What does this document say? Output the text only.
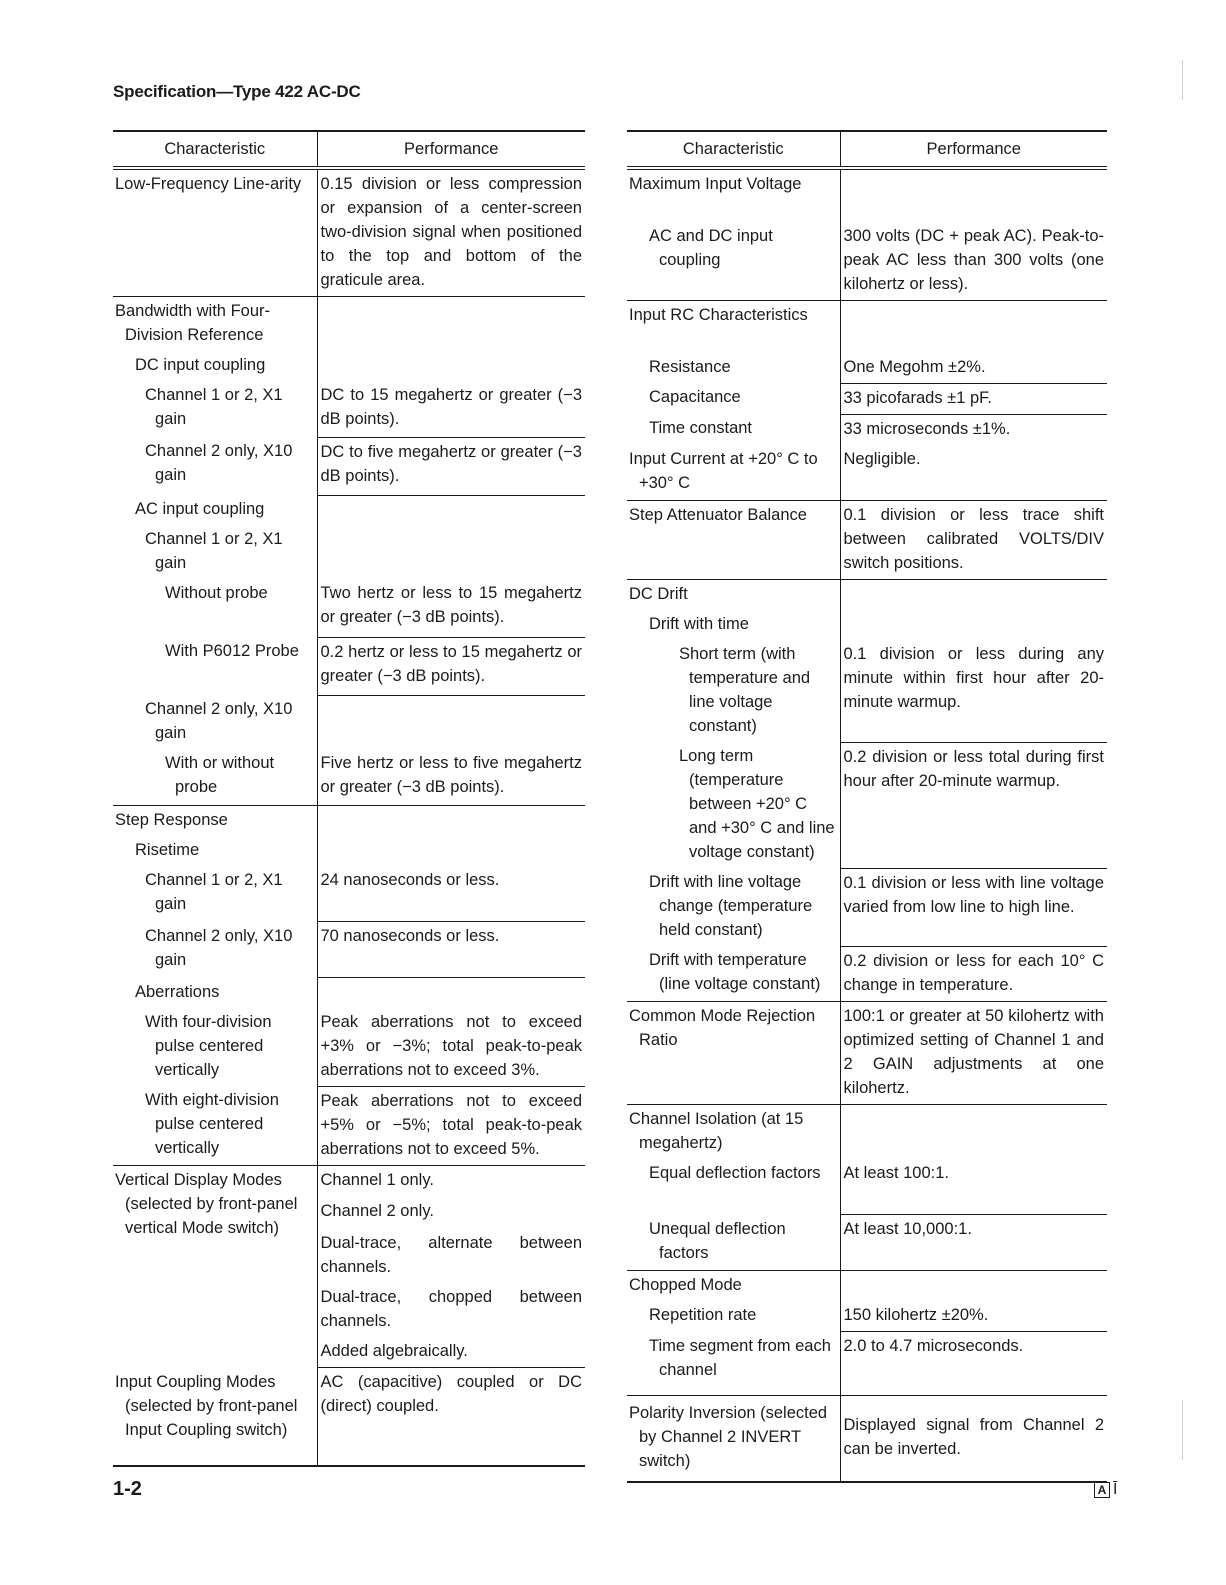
Specification—Type 422 AC-DC
Characteristic	Performance

Low-Frequency Line-arity	0.15 division or less compression or expansion of a center-screen two-division signal when positioned to the top and bottom of the graticule area.

Bandwidth with Four-Division Reference	

DC input coupling	

Channel 1 or 2, X1 gain	DC to 15 megahertz or greater (−3 dB points).

Channel 2 only, X10 gain	DC to five megahertz or greater (−3 dB points).
AC input coupling	

Channel 1 or 2, X1 gain	

Without probe	Two hertz or less to 15 megahertz or greater (−3 dB points).
With P6012 Probe	0.2 hertz or less to 15 megahertz or greater (−3 dB points).

Channel 2 only, X10 gain	

With or without probe	Five hertz or less to five megahertz or greater (−3 dB points).
Step Response	
Risetime	

Channel 1 or 2, X1 gain	24 nanoseconds or less.

Channel 2 only, X10 gain	70 nanoseconds or less.
Aberrations	

With four-division pulse centered vertically	Peak aberrations not to exceed +3% or −3%; total peak-to-peak aberrations not to exceed 3%.

With eight-division pulse centered vertically	Peak aberrations not to exceed +5% or −5%; total peak-to-peak aberrations not to exceed 5%.

Vertical Display Modes (selected by front-panel vertical Mode switch)	Channel 1 only.
	Channel 2 only.
	Dual-trace, alternate between channels.
	Dual-trace, chopped between channels.
	Added algebraically.

Input Coupling Modes (selected by front-panel Input Coupling switch)	AC (capacitive) coupled or DC (direct) coupled.
Characteristic	Performance

Maximum Input Voltage	

AC and DC input coupling	300 volts (DC + peak AC). Peak-to-peak AC less than 300 volts (one kilohertz or less).

Input RC Characteristics	

Resistance	One Megohm ±2%.
Capacitance	33 picofarads ±1 pF.
Time constant	33 microseconds ±1%.

Input Current at +20° C to +30° C	Negligible.

Step Attenuator Balance	0.1 division or less trace shift between calibrated VOLTS/DIV switch positions.
DC Drift	
Drift with time	

Short term (with temperature and line voltage constant)	0.1 division or less during any minute within first hour after 20-minute warmup.

Long term (temperature between +20° C and +30° C and line voltage constant)	0.2 division or less total during first hour after 20-minute warmup.

Drift with line voltage change (temperature held constant)	0.1 division or less with line voltage varied from low line to high line.

Drift with temperature (line voltage constant)	0.2 division or less for each 10° C change in temperature.

Common Mode Rejection Ratio	100:1 or greater at 50 kilohertz with optimized setting of Channel 1 and 2 GAIN adjustments at one kilohertz.

Channel Isolation (at 15 megahertz)	

Equal deflection factors	At least 100:1.

Unequal deflection factors	At least 10,000:1.
Chopped Mode	
Repetition rate	150 kilohertz ±20%.

Time segment from each channel	2.0 to 4.7 microseconds.

Polarity Inversion (selected by Channel 2 INVERT switch)	Displayed signal from Channel 2 can be inverted.
1-2	A Ī
